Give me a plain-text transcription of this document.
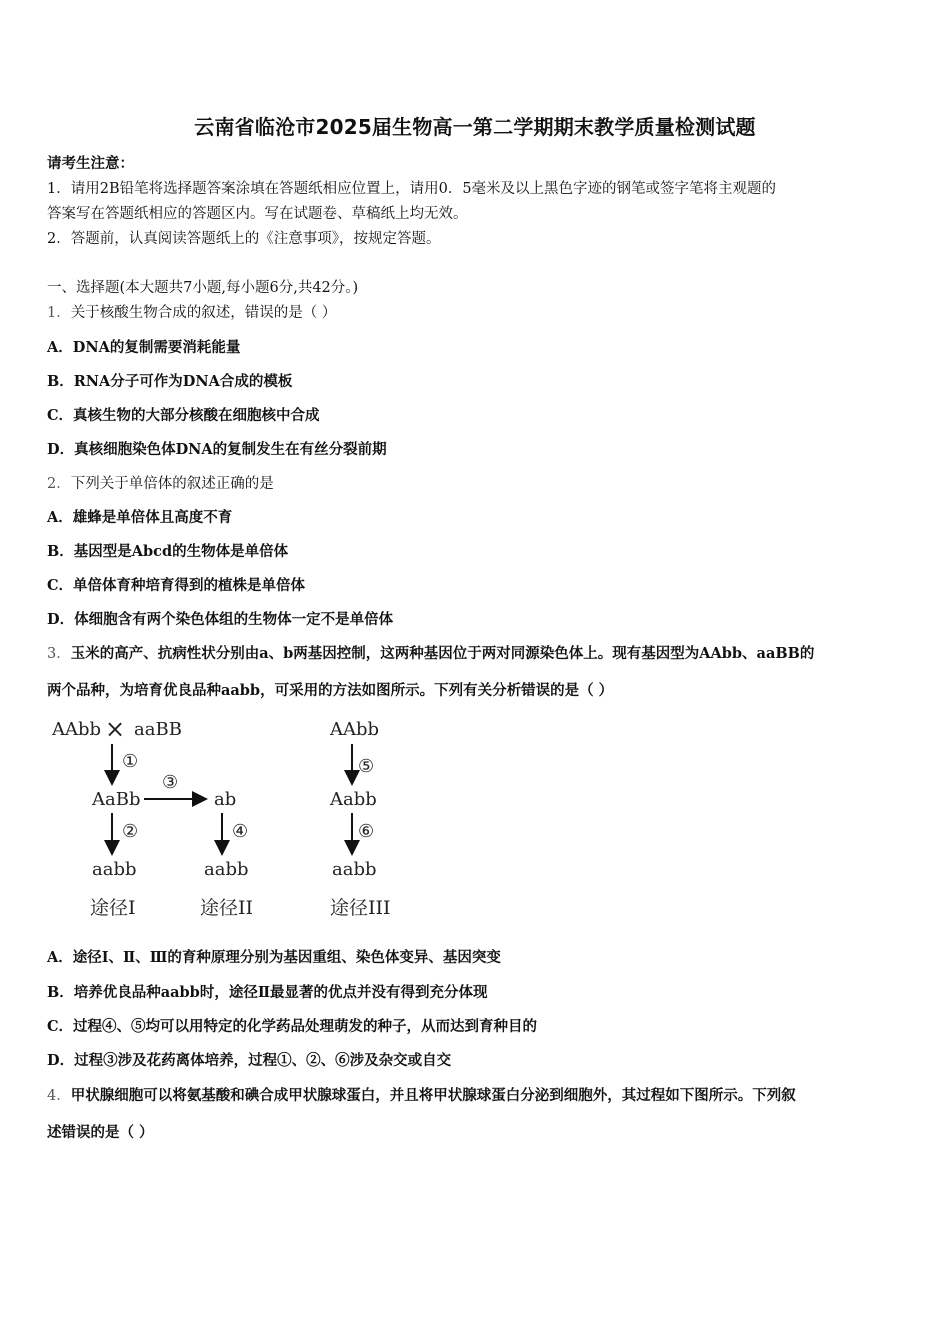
云南省临沧市2025届生物高一第二学期期末教学质量检测试题
请考生注意：
1．请用2B铅笔将选择题答案涂填在答题纸相应位置上，请用0．5毫米及以上黑色字迹的钢笔或签字笔将主观题的
答案写在答题纸相应的答题区内。写在试题卷、草稿纸上均无效。
2．答题前，认真阅读答题纸上的《注意事项》，按规定答题。
一、选择题(本大题共7小题,每小题6分,共42分。)
1．关于核酸生物合成的叙述，错误的是（ ）
A．DNA的复制需要消耗能量
B．RNA分子可作为DNA合成的模板
C．真核生物的大部分核酸在细胞核中合成
D．真核细胞染色体DNA的复制发生在有丝分裂前期
2．下列关于单倍体的叙述正确的是
A．雄蜂是单倍体且高度不育
B．基因型是Abcd的生物体是单倍体
C．单倍体育种培育得到的植株是单倍体
D．体细胞含有两个染色体组的生物体一定不是单倍体
3．玉米的高产、抗病性状分别由a、b两基因控制，这两种基因位于两对同源染色体上。现有基因型为AAbb、aaBB的
两个品种，为培育优良品种aabb，可采用的方法如图所示。下列有关分析错误的是（ ）
AAbb × aaBB
①
AaBb
③
ab
②	④
aabb	aabb
途径I	途径II
AAbb
⑤
Aabb
⑥
aabb
途径III
A．途径Ⅰ、Ⅱ、Ⅲ的育种原理分别为基因重组、染色体变异、基因突变
B．培养优良品种aabb时，途径Ⅱ最显著的优点并没有得到充分体现
C．过程④、⑤均可以用特定的化学药品处理萌发的种子，从而达到育种目的
D．过程③涉及花药离体培养，过程①、②、⑥涉及杂交或自交
4．甲状腺细胞可以将氨基酸和碘合成甲状腺球蛋白，并且将甲状腺球蛋白分泌到细胞外，其过程如下图所示。下列叙
述错误的是（ ）
